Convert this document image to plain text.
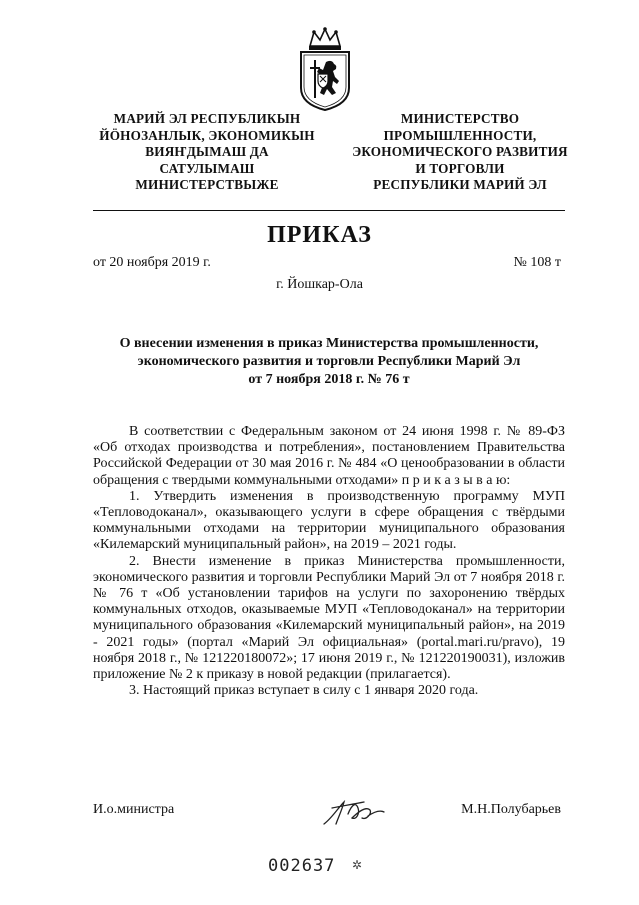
МАРИЙ ЭЛ РЕСПУБЛИКЫН
ЙÖНОЗАНЛЫК, ЭКОНОМИКЫН
ВИЯҤДЫМАШ ДА
САТУЛЫМАШ
МИНИСТЕРСТВЫЖЕ
МИНИСТЕРСТВО
ПРОМЫШЛЕННОСТИ,
ЭКОНОМИЧЕСКОГО РАЗВИТИЯ
И ТОРГОВЛИ
РЕСПУБЛИКИ МАРИЙ ЭЛ
ПРИКАЗ
от 20 ноября 2019 г.	№ 108 т
г. Йошкар-Ола
О внесении изменения в приказ Министерства промышленности,
экономического развития и торговли Республики Марий Эл
от 7 ноября 2018 г. № 76 т

В соответствии с Федеральным законом от 24 июня 1998 г. № 89-ФЗ «Об отходах производства и потребления», постановлением Правительства Российской Федерации от 30 мая 2016 г. № 484 «О ценообразовании в области обращения с твердыми коммунальными отходами» п р и к а з ы в а ю:

1. Утвердить изменения в производственную программу МУП «Тепловодоканал», оказывающего услуги в сфере обращения с твёрдыми коммунальными отходами на территории муниципального образования «Килемарский муниципальный район», на 2019 – 2021 годы.

2. Внести изменение в приказ Министерства промышленности, экономического развития и торговли Республики Марий Эл от 7 ноября 2018 г. № 76 т «Об установлении тарифов на услуги по захоронению твёрдых коммунальных отходов, оказываемые МУП «Тепловодоканал» на территории муниципального образования «Килемарский муниципальный район», на 2019 - 2021 годы» (портал «Марий Эл официальная» (portal.mari.ru/pravo), 19 ноября 2018 г., № 121220180072»; 17 июня 2019 г., № 121220190031), изложив приложение № 2 к приказу в новой редакции (прилагается).

3. Настоящий приказ вступает в силу с 1 января 2020 года.

И.о.министра	М.Н.Полубарьев
002637 ✲
